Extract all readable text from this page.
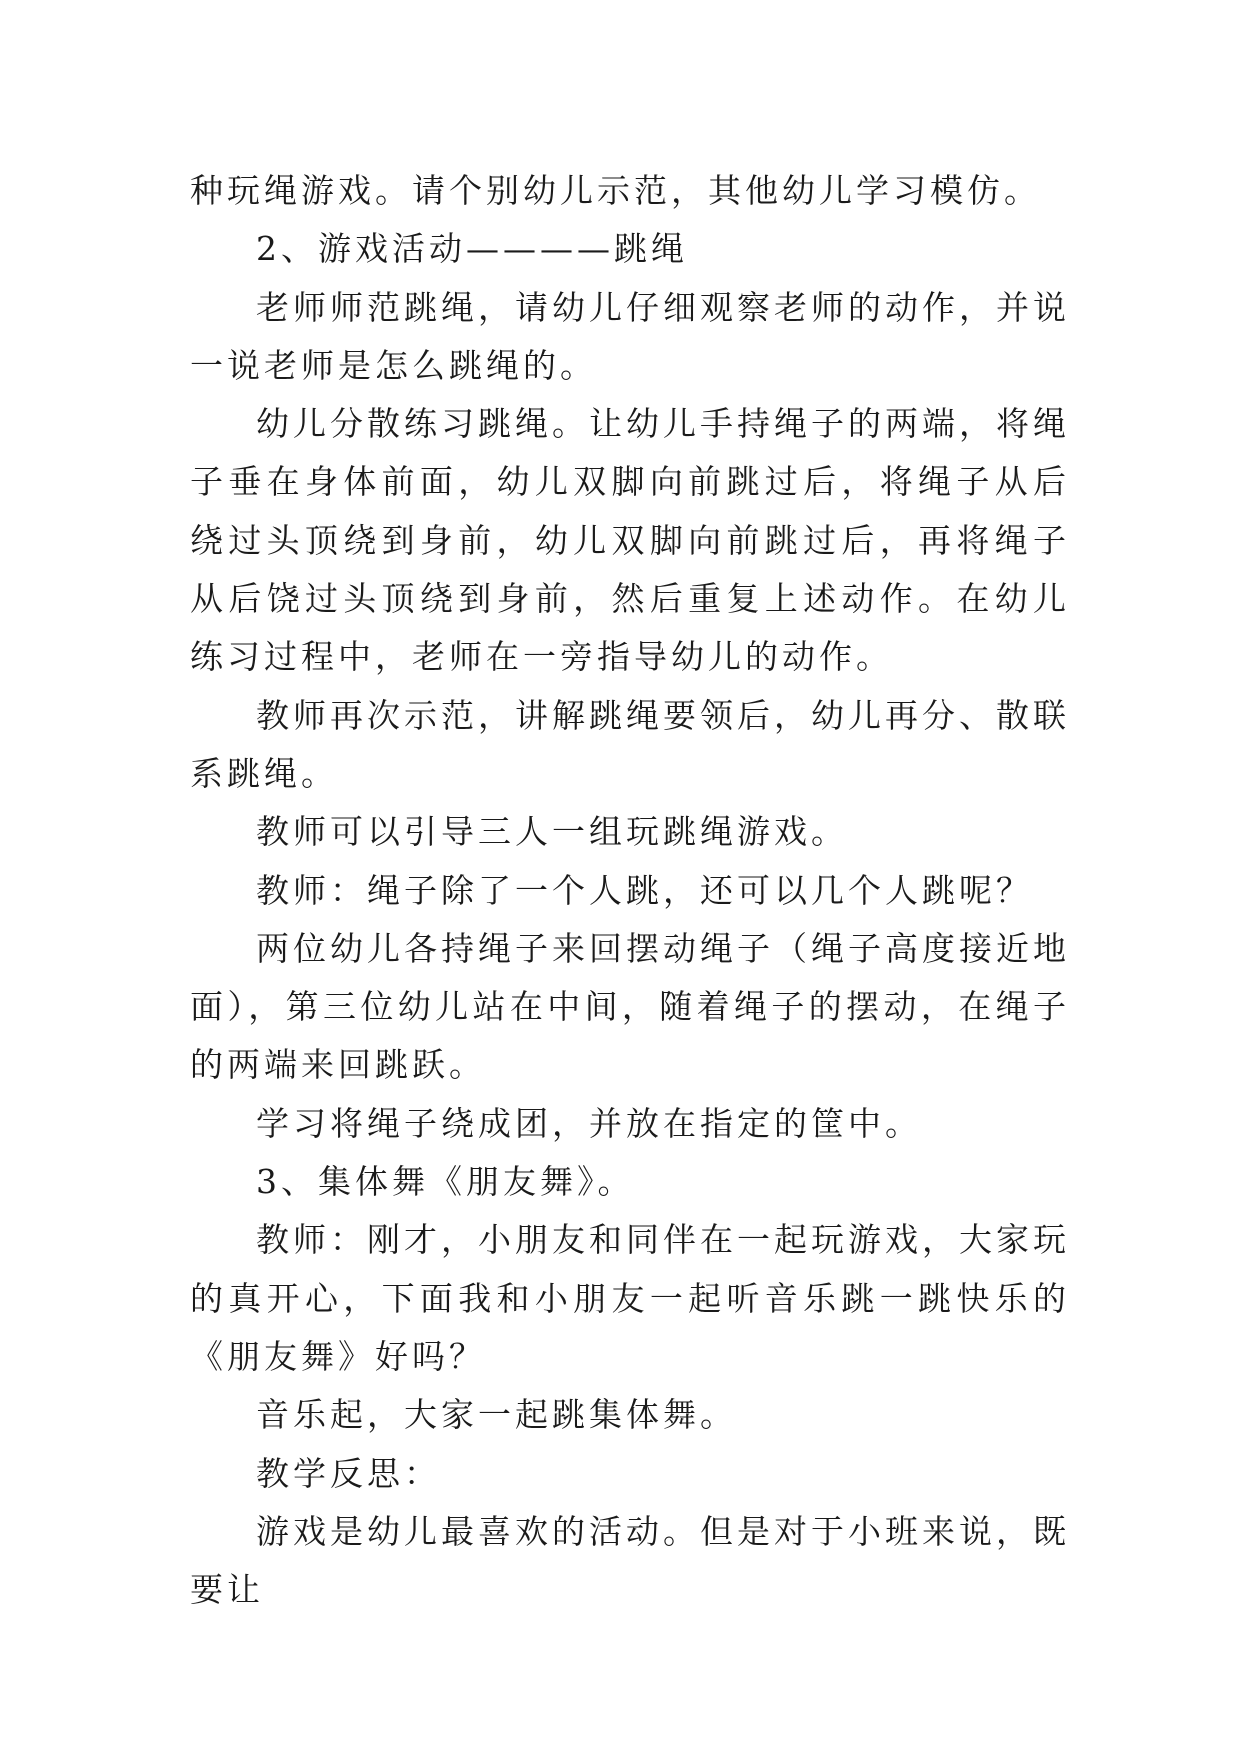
种玩绳游戏。请个别幼儿示范，其他幼儿学习模仿。

2、游戏活动————跳绳

老师师范跳绳，请幼儿仔细观察老师的动作，并说一说老师是怎么跳绳的。

幼儿分散练习跳绳。让幼儿手持绳子的两端，将绳子垂在身体前面，幼儿双脚向前跳过后，将绳子从后绕过头顶绕到身前，幼儿双脚向前跳过后，再将绳子从后饶过头顶绕到身前，然后重复上述动作。在幼儿练习过程中，老师在一旁指导幼儿的动作。

教师再次示范，讲解跳绳要领后，幼儿再分、散联系跳绳。

教师可以引导三人一组玩跳绳游戏。

教师：绳子除了一个人跳，还可以几个人跳呢？

两位幼儿各持绳子来回摆动绳子（绳子高度接近地面），第三位幼儿站在中间，随着绳子的摆动，在绳子的两端来回跳跃。

学习将绳子绕成团，并放在指定的筐中。

3、集体舞《朋友舞》。

教师：刚才，小朋友和同伴在一起玩游戏，大家玩的真开心，下面我和小朋友一起听音乐跳一跳快乐的《朋友舞》好吗？

音乐起，大家一起跳集体舞。

教学反思：

游戏是幼儿最喜欢的活动。但是对于小班来说，既要让
